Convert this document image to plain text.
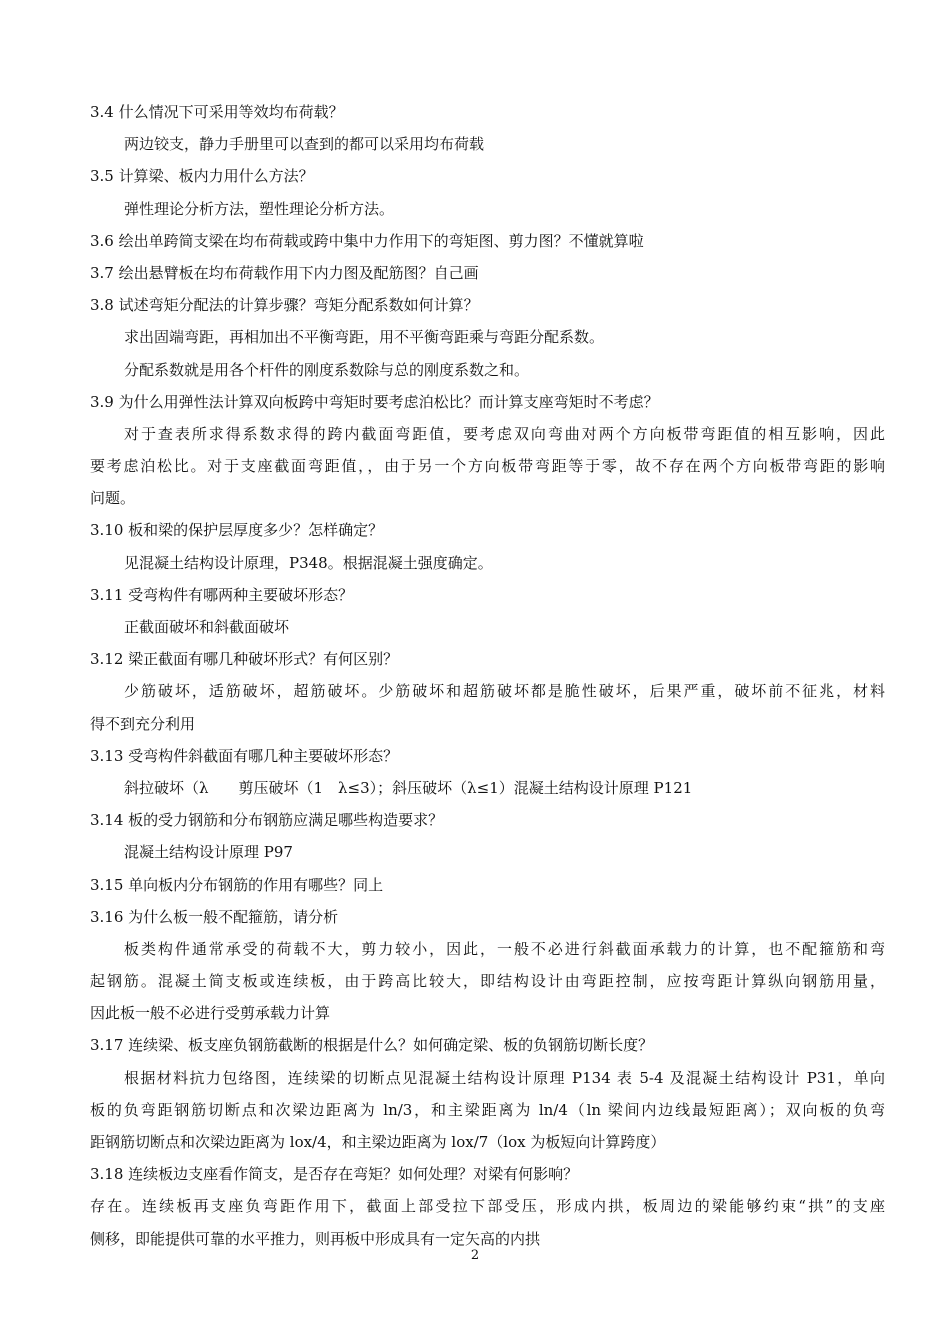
3.4 什么情况下可采用等效均布荷载？
两边铰支，静力手册里可以查到的都可以采用均布荷载
3.5 计算梁、板内力用什么方法？
弹性理论分析方法，塑性理论分析方法。
3.6 绘出单跨简支梁在均布荷载或跨中集中力作用下的弯矩图、剪力图？不懂就算啦
3.7 绘出悬臂板在均布荷载作用下内力图及配筋图？自己画
3.8 试述弯矩分配法的计算步骤？弯矩分配系数如何计算？
求出固端弯距，再相加出不平衡弯距，用不平衡弯距乘与弯距分配系数。
分配系数就是用各个杆件的刚度系数除与总的刚度系数之和。
3.9 为什么用弹性法计算双向板跨中弯矩时要考虑泊松比？而计算支座弯矩时不考虑？
对于查表所求得系数求得的跨内截面弯距值，要考虑双向弯曲对两个方向板带弯距值的相互影响，因此
要考虑泊松比。对于支座截面弯距值，，由于另一个方向板带弯距等于零，故不存在两个方向板带弯距的影响
问题。
3.10 板和梁的保护层厚度多少？怎样确定？
见混凝土结构设计原理，P348。根据混凝土强度确定。
3.11 受弯构件有哪两种主要破坏形态？
正截面破坏和斜截面破坏
3.12 梁正截面有哪几种破坏形式？有何区别？
少筋破坏，适筋破坏，超筋破坏。少筋破坏和超筋破坏都是脆性破坏，后果严重，破坏前不征兆，材料
得不到充分利用
3.13 受弯构件斜截面有哪几种主要破坏形态？
斜拉破坏（λ　　剪压破坏（1　λ≤3）；斜压破坏（λ≤1）混凝土结构设计原理 P121
3.14 板的受力钢筋和分布钢筋应满足哪些构造要求？
混凝土结构设计原理 P97
3.15 单向板内分布钢筋的作用有哪些？同上
3.16 为什么板一般不配箍筋，请分析
板类构件通常承受的荷载不大，剪力较小，因此，一般不必进行斜截面承载力的计算，也不配箍筋和弯
起钢筋。混凝土简支板或连续板，由于跨高比较大，即结构设计由弯距控制，应按弯距计算纵向钢筋用量，
因此板一般不必进行受剪承载力计算
3.17 连续梁、板支座负钢筋截断的根据是什么？如何确定梁、板的负钢筋切断长度？
根据材料抗力包络图，连续梁的切断点见混凝土结构设计原理 P134 表 5-4 及混凝土结构设计 P31，单向
板的负弯距钢筋切断点和次梁边距离为 ln/3，和主梁距离为 ln/4（ln 梁间内边线最短距离）；双向板的负弯
距钢筋切断点和次梁边距离为 lox/4，和主梁边距离为 lox/7（lox 为板短向计算跨度）
3.18 连续板边支座看作简支，是否存在弯矩？如何处理？对梁有何影响？
存在。连续板再支座负弯距作用下，截面上部受拉下部受压，形成内拱，板周边的梁能够约束“拱”的支座
侧移，即能提供可靠的水平推力，则再板中形成具有一定矢高的内拱
2
